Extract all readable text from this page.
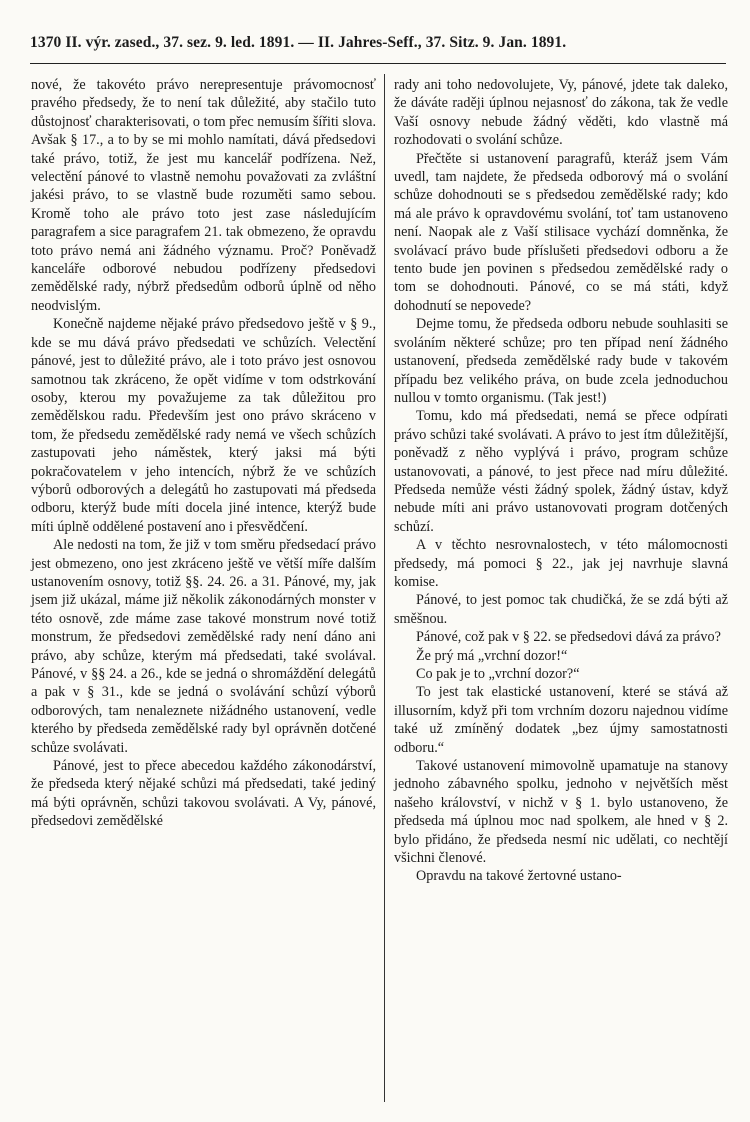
1370 II. výr. zased., 37. sez. 9. led. 1891. — II. Jahres-Seff., 37. Sitz. 9. Jan. 1891.

nové, že takovéto právo nerepresentuje právomocnosť pravého předsedy, že to není tak důležité, aby stačilo tuto důstojnosť charakterisovati, o tom přec nemusím šířiti slova. Avšak § 17., a to by se mi mohlo namítati, dává předsedovi také právo, totiž, že jest mu kancelář podřízena. Než, velectění pánové to vlastně nemohu považovati za zvláštní jakési právo, to se vlastně bude rozuměti samo sebou. Kromě toho ale právo toto jest zase následujícím paragrafem a sice paragrafem 21. tak obmezeno, že opravdu toto právo nemá ani žádného významu. Proč? Poněvadž kanceláře odborové nebudou podřízeny předsedovi zemědělské rady, nýbrž předsedům odborů úplně od něho neodvislým.

Konečně najdeme nějaké právo předsedovo ještě v § 9., kde se mu dává právo předsedati ve schůzích. Velectění pánové, jest to důležité právo, ale i toto právo jest osnovou samotnou tak zkráceno, že opět vidíme v tom odstrkování osoby, kterou my považujeme za tak důležitou pro zemědělskou radu. Především jest ono právo skráceno v tom, že předsedu zemědělské rady nemá ve všech schůzích zastupovati jeho náměstek, který jaksi má býti pokračovatelem v jeho intencích, nýbrž že ve schůzích výborů odborových a delegátů ho zastupovati má předseda odboru, kterýž bude míti docela jiné intence, kterýž bude míti úplně oddělené postavení ano i přesvědčení.

Ale nedosti na tom, že již v tom směru předsedací právo jest obmezeno, ono jest zkráceno ještě ve větší míře dalším ustanovením osnovy, totiž §§. 24. 26. a 31. Pánové, my, jak jsem již ukázal, máme již několik zákonodárných monster v této osnově, zde máme zase takové monstrum nové totiž monstrum, že předsedovi zemědělské rady není dáno ani právo, aby schůze, kterým má předsedati, také svolával. Pánové, v §§ 24. a 26., kde se jedná o shromáždění delegátů a pak v § 31., kde se jedná o svolávání schůzí výborů odborových, tam nenaleznete nižádného ustanovení, vedle kterého by předseda zemědělské rady byl oprávněn dotčené schůze svolávati.

Pánové, jest to přece abecedou každého zákonodárství, že předseda který nějaké schůzi má předsedati, také jediný má býti oprávněn, schůzi takovou svolávati. A Vy, pánové, předsedovi zemědělské

rady ani toho nedovolujete, Vy, pánové, jdete tak daleko, že dáváte raději úplnou nejasnosť do zákona, tak že vedle Vaší osnovy nebude žádný věděti, kdo vlastně má rozhodovati o svolání schůze.

Přečtěte si ustanovení paragrafů, kteráž jsem Vám uvedl, tam najdete, že předseda odborový má o svolání schůze dohodnouti se s předsedou zemědělské rady; kdo má ale právo k opravdovému svolání, toť tam ustanoveno není. Naopak ale z Vaší stilisace vychází domněnka, že svolávací právo bude příslušeti předsedovi odboru a že tento bude jen povinen s předsedou zemědělské rady o tom se dohodnouti. Pánové, co se má státi, když dohodnutí se nepovede?

Dejme tomu, že předseda odboru nebude souhlasiti se svoláním některé schůze; pro ten případ není žádného ustanovení, předseda zemědělské rady bude v takovém případu bez velikého práva, on bude zcela jednoduchou nullou v tomto organismu. (Tak jest!)

Tomu, kdo má předsedati, nemá se přece odpírati právo schůzi také svolávati. A právo to jest ítm důležitější, poněvadž z něho vyplývá i právo, program schůze ustanovovati, a pánové, to jest přece nad míru důležité. Předseda nemůže vésti žádný spolek, žádný ústav, když nebude míti ani právo ustanovovati program dotčených schůzí.

A v těchto nesrovnalostech, v této málomocnosti předsedy, má pomoci § 22., jak jej navrhuje slavná komise.

Pánové, to jest pomoc tak chudičká, že se zdá býti až směšnou.

Pánové, což pak v § 22. se předsedovi dává za právo?

Že prý má „vrchní dozor!“

Co pak je to „vrchní dozor?“

To jest tak elastické ustanovení, které se stává až illusorním, když při tom vrchním dozoru najednou vidíme také už zmíněný dodatek „bez újmy samostatnosti odboru.“

Takové ustanovení mimovolně upamatuje na stanovy jednoho zábavného spolku, jednoho v největších měst našeho království, v nichž v § 1. bylo ustanoveno, že předseda má úplnou moc nad spolkem, ale hned v § 2. bylo přidáno, že předseda nesmí nic udělati, co nechtějí všichni členové.

Opravdu na takové žertovné ustano-
